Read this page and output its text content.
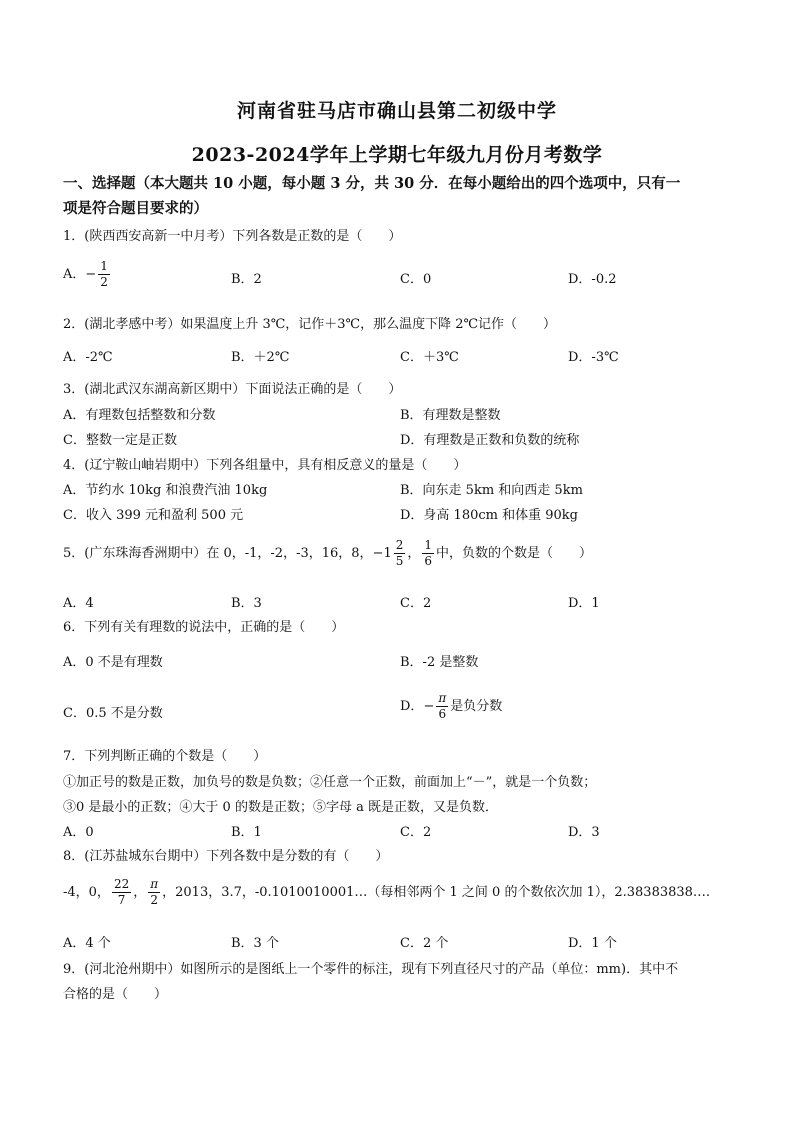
河南省驻马店市确山县第二初级中学
2023-2024学年上学期七年级九月份月考数学
一、选择题（本大题共 10 小题，每小题 3 分，共 30 分．在每小题给出的四个选项中，只有一
项是符合题目要求的）
1．(陕西西安高新一中月考）下列各数是正数的是（　　）
A．− $\frac{1}{2}$	B．2	C．0	D．-0.2
2．(湖北孝感中考）如果温度上升 3℃，记作＋3℃，那么温度下降 2℃记作（　　）
A．-2℃	B．＋2℃	C．＋3℃	D．-3℃
3．(湖北武汉东湖高新区期中）下面说法正确的是（　　）
A．有理数包括整数和分数	B．有理数是整数
C．整数一定是正数	D．有理数是正数和负数的统称
4．(辽宁鞍山岫岩期中）下列各组量中，具有相反意义的量是（　　）
A．节约水 10kg 和浪费汽油 10kg	B．向东走 5km 和向西走 5km
C．收入 399 元和盈利 500 元	D．身高 180cm 和体重 90kg
5．(广东珠海香洲期中）在 0，-1，-2，-3，16，8，$-1 \frac{2}{5}$ ， $\frac{1}{6}$ 中，负数的个数是（　　）
A．4	B．3	C．2	D．1
6．下列有关有理数的说法中，正确的是（　　）
A．0 不是有理数	B．-2 是整数
C．0.5 不是分数	D．− $\frac{\pi}{6}$ 是负分数
7．下列判断正确的个数是（　　）
①加正号的数是正数，加负号的数是负数；②任意一个正数，前面加上“－”，就是一个负数；
③0 是最小的正数；④大于 0 的数是正数；⑤字母 a 既是正数，又是负数．
A．0	B．1	C．2	D．3
8．(江苏盐城东台期中）下列各数中是分数的有（　　）
-4，0， $\frac{22}{7}$ ， $\frac{\pi}{2}$ ，2013，3.7，-0.1010010001…（每相邻两个 1 之间 0 的个数依次加 1），2.38383838….
A．4 个	B．3 个	C．2 个	D．1 个
9．(河北沧州期中）如图所示的是图纸上一个零件的标注，现有下列直径尺寸的产品（单位：mm)．其中不
合格的是（　　）
